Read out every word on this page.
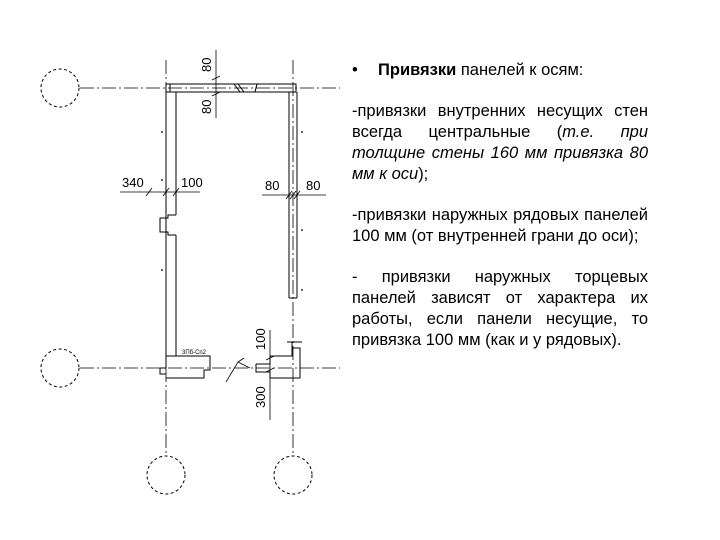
80
80
340	100	80 80
100
300
3Пб-Сп2

• Привязки панелей к осям:

-привязки внутренних несущих стен всегда центральные (т.е. при толщине стены 160 мм привязка 80 мм к оси);

-привязки наружных рядовых панелей 100 мм (от внутренней грани до оси);

- привязки наружных торцевых панелей зависят от характера их работы, если панели несущие, то привязка 100 мм (как и у рядовых).
